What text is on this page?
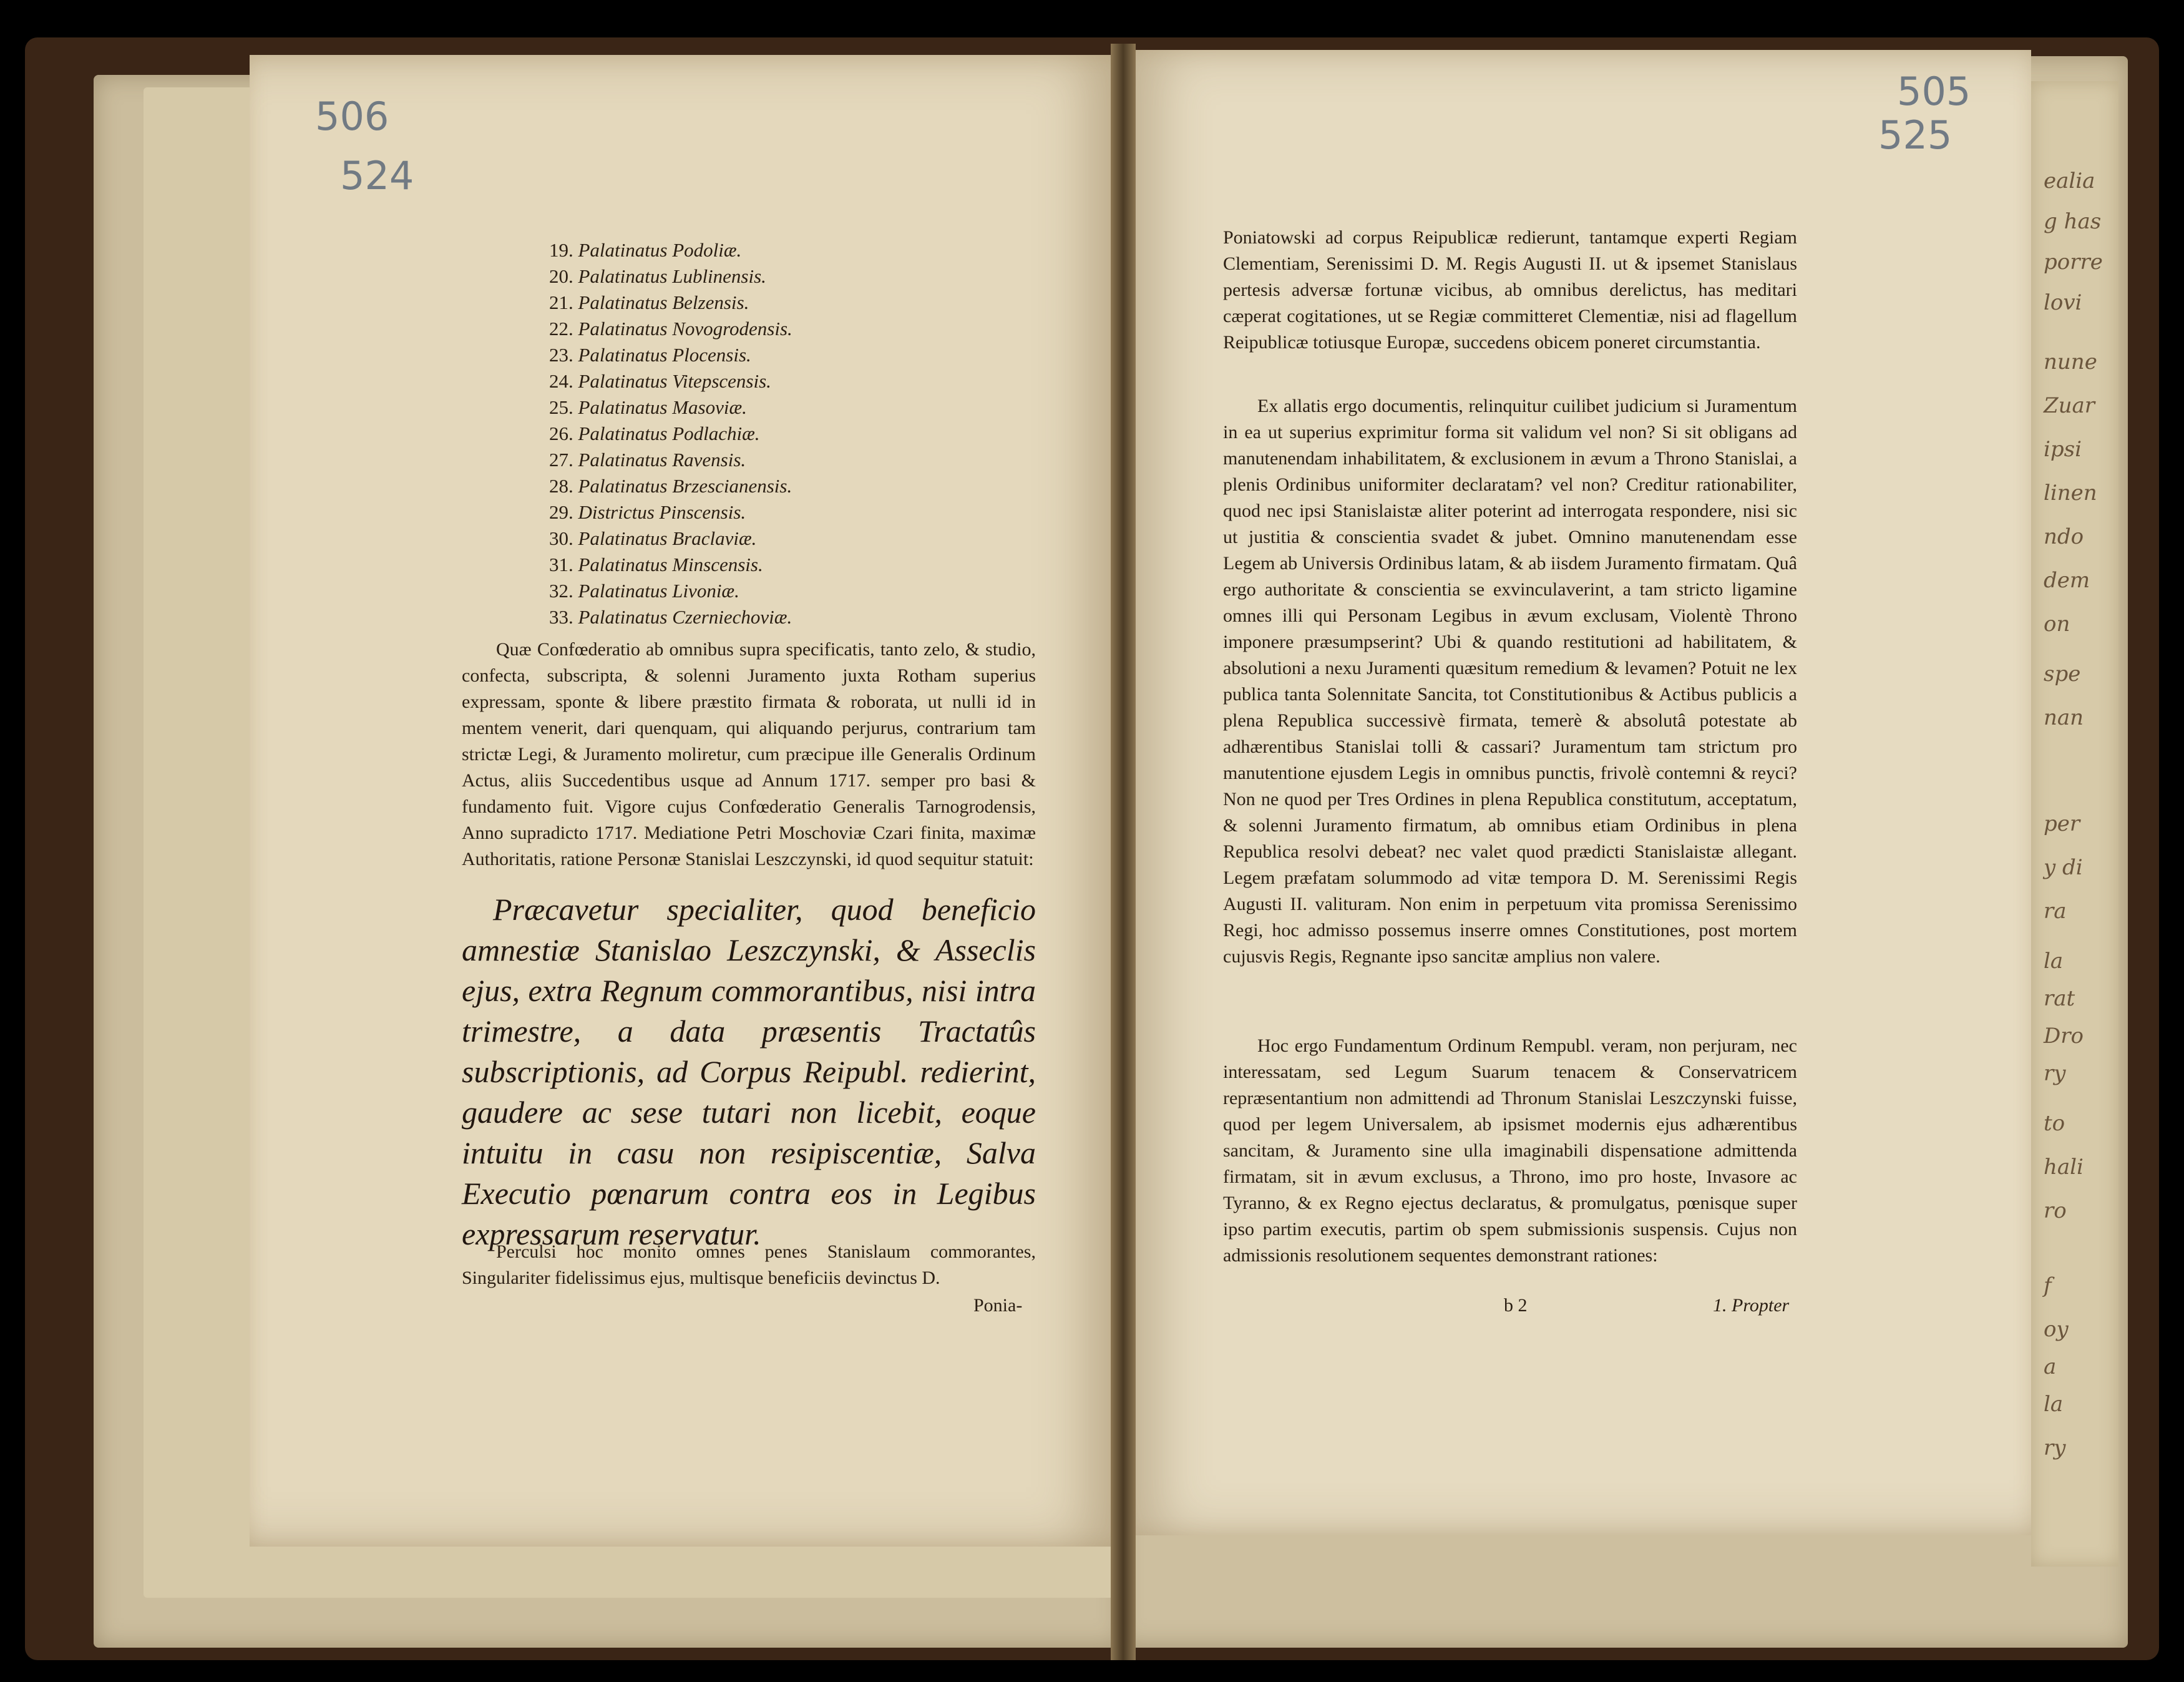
506
524
505
525
19. Palatinatus Podoliæ.
20. Palatinatus Lublinensis.
21. Palatinatus Belzensis.
22. Palatinatus Novogrodensis.
23. Palatinatus Plocensis.
24. Palatinatus Vitepscensis.
25. Palatinatus Masoviæ.
26. Palatinatus Podlachiæ.
27. Palatinatus Ravensis.
28. Palatinatus Brzescianensis.
29. Districtus Pinscensis.
30. Palatinatus Braclaviæ.
31. Palatinatus Minscensis.
32. Palatinatus Livoniæ.
33. Palatinatus Czerniechoviæ.
Quæ Confœderatio ab omnibus supra specificatis, tanto zelo, & studio, confecta, subscripta, & solenni Juramento juxta Rotham superius expressam, sponte & libere præstito firmata & roborata, ut nulli id in mentem venerit, dari quenquam, qui aliquando perjurus, contrarium tam strictæ Legi, & Juramento moliretur, cum præcipue ille Generalis Ordinum Actus, aliis Succedentibus usque ad Annum 1717. semper pro basi & fundamento fuit. Vigore cujus Confœderatio Generalis Tarnogrodensis, Anno supradicto 1717. Mediatione Petri Moschoviæ Czari finita, maximæ Authoritatis, ratione Personæ Stanislai Leszczynski, id quod sequitur statuit:
Præcavetur specialiter, quod beneficio amnestiæ Stanislao Leszczynski, & Asseclis ejus, extra Regnum commorantibus, nisi intra trimestre, a data præsentis Tractatûs subscriptionis, ad Corpus Reipubl. redierint, gaudere ac sese tutari non licebit, eoque intuitu in casu non resipiscentiæ, Salva Executio pœnarum contra eos in Legibus expressarum reservatur.
Perculsi hoc monito omnes penes Stanislaum commorantes, Singulariter fidelissimus ejus, multisque beneficiis devinctus D.
Ponia-
Poniatowski ad corpus Reipublicæ redierunt, tantamque experti Regiam Clementiam, Serenissimi D. M. Regis Augusti II. ut & ipsemet Stanislaus pertesis adversæ fortunæ vicibus, ab omnibus derelictus, has meditari cæperat cogitationes, ut se Regiæ committeret Clementiæ, nisi ad flagellum Reipublicæ totiusque Europæ, succedens obicem poneret circumstantia.
Ex allatis ergo documentis, relinquitur cuilibet judicium si Juramentum in ea ut superius exprimitur forma sit validum vel non? Si sit obligans ad manutenendam inhabilitatem, & exclusionem in ævum a Throno Stanislai, a plenis Ordinibus uniformiter declaratam? vel non? Creditur rationabiliter, quod nec ipsi Stanislaistæ aliter poterint ad interrogata respondere, nisi sic ut justitia & conscientia svadet & jubet. Omnino manutenendam esse Legem ab Universis Ordinibus latam, & ab iisdem Juramento firmatam. Quâ ergo authoritate & conscientia se exvinculaverint, a tam stricto ligamine omnes illi qui Personam Legibus in ævum exclusam, Violentè Throno imponere præsumpserint? Ubi & quando restitutioni ad habilitatem, & absolutioni a nexu Juramenti quæsitum remedium & levamen? Potuit ne lex publica tanta Solennitate Sancita, tot Constitutionibus & Actibus publicis a plena Republica successivè firmata, temerè & absolutâ potestate ab adhærentibus Stanislai tolli & cassari? Juramentum tam strictum pro manutentione ejusdem Legis in omnibus punctis, frivolè contemni & reyci? Non ne quod per Tres Ordines in plena Republica constitutum, acceptatum, & solenni Juramento firmatum, ab omnibus etiam Ordinibus in plena Republica resolvi debeat? nec valet quod prædicti Stanislaistæ allegant. Legem præfatam solummodo ad vitæ tempora D. M. Serenissimi Regis Augusti II. valituram. Non enim in perpetuum vita promissa Serenissimo Regi, hoc admisso possemus inserre omnes Constitutiones, post mortem cujusvis Regis, Regnante ipso sancitæ amplius non valere.
Hoc ergo Fundamentum Ordinum Rempubl. veram, non perjuram, nec interessatam, sed Legum Suarum tenacem & Conservatricem repræsentantium non admittendi ad Thronum Stanislai Leszczynski fuisse, quod per legem Universalem, ab ipsismet modernis ejus adhærentibus sancitam, & Juramento sine ulla imaginabili dispensatione admittenda firmatam, sit in ævum exclusus, a Throno, imo pro hoste, Invasore ac Tyranno, & ex Regno ejectus declaratus, & promulgatus, pœnisque super ipso partim executis, partim ob spem submissionis suspensis. Cujus non admissionis resolutionem sequentes demonstrant rationes:
b 2	1. Propter
ealia
g has
porre
lovi
nune
Zuar
ipsi
linen
ndo
dem
on
spe
nan
per
y di
ra
la
rat
Dro
ry
to
hali
ro
f
oy
a
la
ry
